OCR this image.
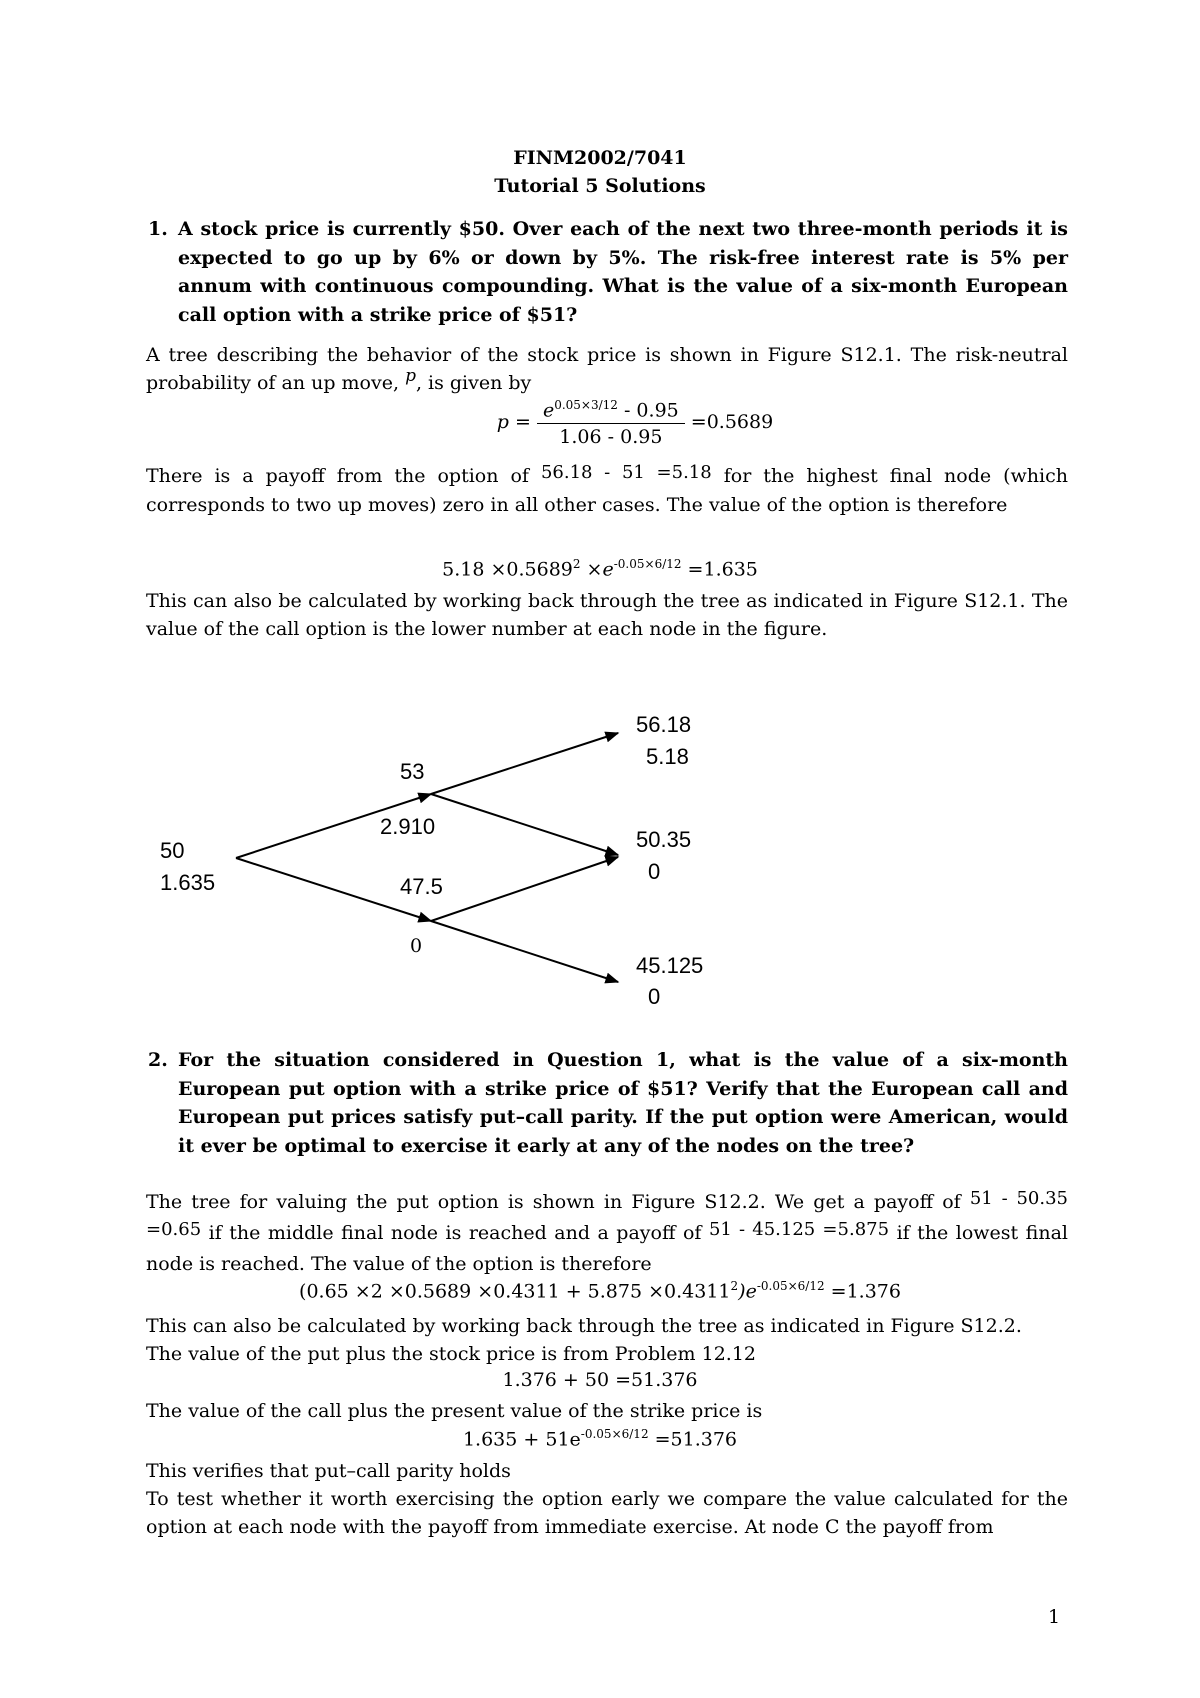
FINM2002/7041
Tutorial 5 Solutions
1. A stock price is currently $50. Over each of the next two three-month periods it is expected to go up by 6% or down by 5%. The risk-free interest rate is 5% per annum with continuous compounding. What is the value of a six-month European call option with a strike price of $51?
A tree describing the behavior of the stock price is shown in Figure S12.1. The risk-neutral probability of an up move, p, is given by
$p = \frac{e^{0.05\times 3/12} - 0.95}{1.06 - 0.95} =0.5689$
There is a payoff from the option of 56.18 - 51 =5.18 for the highest final node (which corresponds to two up moves) zero in all other cases. The value of the option is therefore
$5.18 \times 0.5689^2 \times e^{-0.05\times 6/12} =1.635$
This can also be calculated by working back through the tree as indicated in Figure S12.1. The value of the call option is the lower number at each node in the figure.
50
1.635
53
2.910
47.5
0
56.18
5.18
50.35
0
45.125
0
2. For the situation considered in Question 1, what is the value of a six-month European put option with a strike price of $51? Verify that the European call and European put prices satisfy put–call parity. If the put option were American, would it ever be optimal to exercise it early at any of the nodes on the tree?
The tree for valuing the put option is shown in Figure S12.2. We get a payoff of 51 - 50.35 =0.65 if the middle final node is reached and a payoff of 51 - 45.125 =5.875 if the lowest final node is reached. The value of the option is therefore
$(0.65 \times 2 \times 0.5689 \times 0.4311 + 5.875 \times 0.4311^2)e^{-0.05\times 6/12} =1.376$
This can also be calculated by working back through the tree as indicated in Figure S12.2.
The value of the put plus the stock price is from Problem 12.12
1.376 + 50 =51.376
The value of the call plus the present value of the strike price is
$1.635 + 51e^{-0.05\times 6/12} =51.376$
This verifies that put–call parity holds
To test whether it worth exercising the option early we compare the value calculated for the option at each node with the payoff from immediate exercise. At node C the payoff from
1
